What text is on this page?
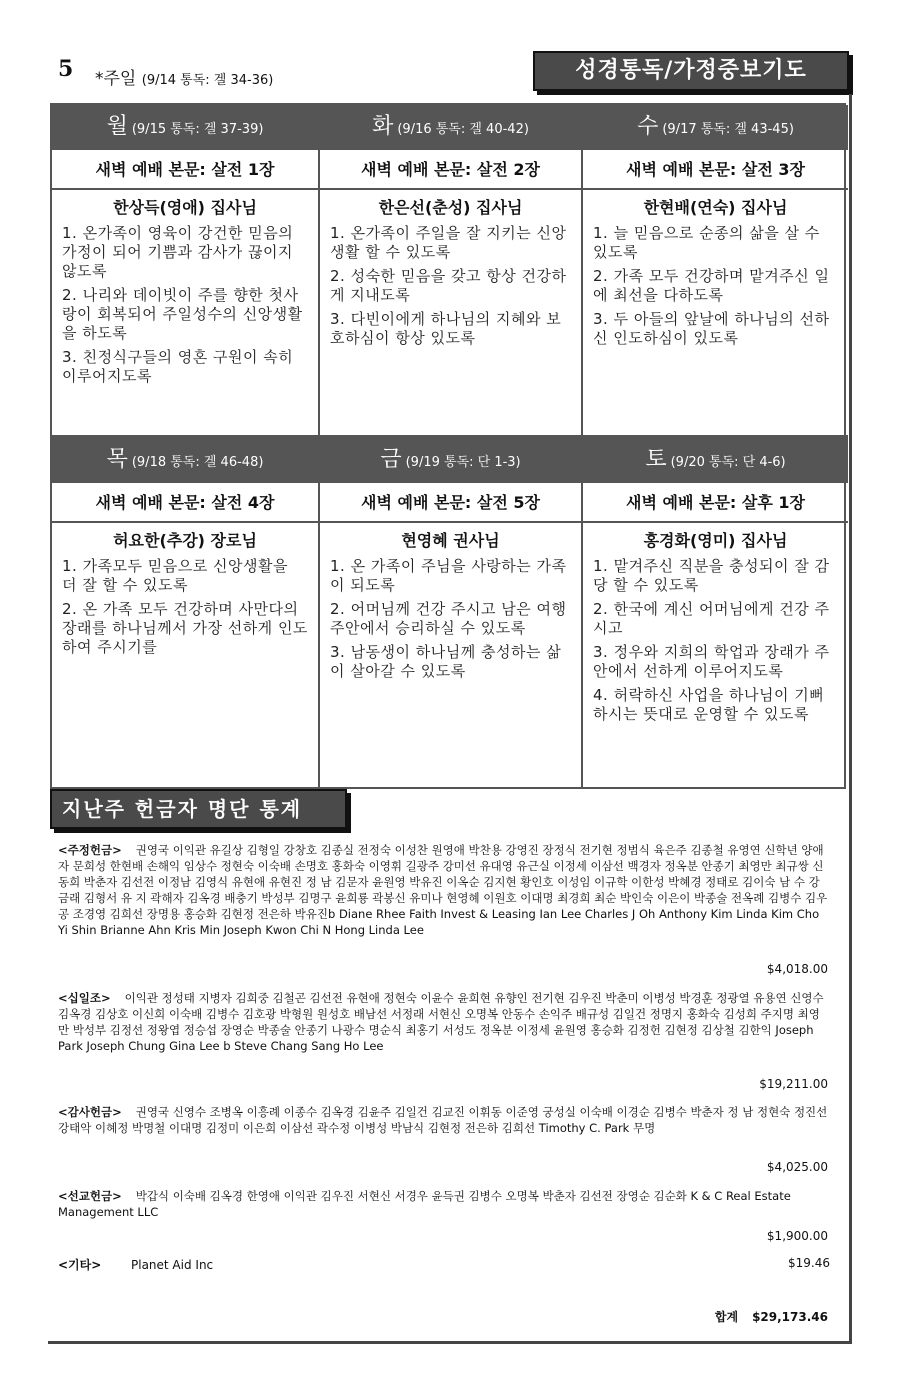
5 *주일 (9/14 통독: 겔 34-36)	성경통독/가정중보기도
월 (9/15 통독: 겔 37-39)
새벽 예배 본문: 살전 1장
한상득(영애) 집사님
1. 온가족이 영육이 강건한 믿음의 가정이 되어 기쁨과 감사가 끊이지 않도록
2. 나리와 데이빗이 주를 향한 첫사랑이 회복되어 주일성수의 신앙생활을 하도록
3. 친정식구들의 영혼 구원이 속히 이루어지도록
화 (9/16 통독: 겔 40-42)
새벽 예배 본문: 살전 2장
한은선(춘성) 집사님
1. 온가족이 주일을 잘 지키는 신앙생활 할 수 있도록
2. 성숙한 믿음을 갖고 항상 건강하게 지내도록
3. 다빈이에게 하나님의 지혜와 보호하심이 항상 있도록
수 (9/17 통독: 겔 43-45)
새벽 예배 본문: 살전 3장
한현배(연숙) 집사님
1. 늘 믿음으로 순종의 삶을 살 수 있도록
2. 가족 모두 건강하며 맡겨주신 일에 최선을 다하도록
3. 두 아들의 앞날에 하나님의 선하신 인도하심이 있도록
목 (9/18 통독: 겔 46-48)
새벽 예배 본문: 살전 4장
허요한(추강) 장로님
1. 가족모두 믿음으로 신앙생활을 더 잘 할 수 있도록
2. 온 가족 모두 건강하며 사만다의 장래를 하나님께서 가장 선하게 인도하여 주시기를
금 (9/19 통독: 단 1-3)
새벽 예배 본문: 살전 5장
현영혜 권사님
1. 온 가족이 주님을 사랑하는 가족이 되도록
2. 어머님께 건강 주시고 남은 여행 주안에서 승리하실 수 있도록
3. 남동생이 하나님께 충성하는 삶이 살아갈 수 있도록
토 (9/20 통독: 단 4-6)
새벽 예배 본문: 살후 1장
홍경화(영미) 집사님
1. 맡겨주신 직분을 충성되이 잘 감당 할 수 있도록
2. 한국에 계신 어머님에게 건강 주시고
3. 정우와 지희의 학업과 장래가 주안에서 선하게 이루어지도록
4. 허락하신 사업을 하나님이 기뻐하시는 뜻대로 운영할 수 있도록
지난주 헌금자 명단 통계
<주정헌금> 권영국 이익관 유길상 김형일 강창호 김종실 전정숙 이성찬 원영애 박찬용 강영진 장정식 전기현 정범식 육은주 김종철 유영연 신학년 양애자 문희성 한현배 손해익 임상수 정현숙 이숙배 손명호 홍화숙 이영휘 길광주 강미선 유대영 유근실 이정세 이삼선 백경자 정옥분 안종기 최영만 최규쌍 신동희 박춘자 김선전 이정남 김영식 유현애 유현진 정 남 김문자 윤원영 박유진 이옥순 김지현 황인호 이성임 이규학 이한성 박혜경 정태로 김이숙 남 수 강금래 김형서 유 지 곽해자 김옥경 배충기 박성부 김명구 윤희룡 곽봉신 유미나 현영혜 이원호 이대명 최경희 최순 박인숙 이은이 박종술 전옥례 김병수 김우공 조경영 김희선 장명용 홍승화 김현정 전은하 박유진b Diane Rhee Faith Invest & Leasing Ian Lee Charles J Oh Anthony Kim Linda Kim Cho Yi Shin Brianne Ahn Kris Min Joseph Kwon Chi N Hong Linda Lee
$4,018.00
<십일조> 이익관 정성태 지병자 김희중 김철곤 김선전 유현애 정현숙 이윤수 윤희현 유향인 전기현 김우진 박춘미 이병성 박경훈 정광열 유용연 신영수 김옥경 김상호 이신희 이숙배 김병수 김호광 박형원 원성호 배남선 서정래 서현신 오명복 안동수 손익주 배규성 김일건 정명지 홍화숙 김성희 주지명 최영만 박성부 김정선 정왕엽 정승섭 장영순 박종술 안종기 나광수 명순식 최홍기 서성도 정옥분 이정세 윤원영 홍승화 김정헌 김현정 김상철 김한익 Joseph Park Joseph Chung Gina Lee b Steve Chang Sang Ho Lee
$19,211.00
<감사헌금> 권영국 신영수 조병옥 이흥례 이종수 김옥경 김윤주 김일건 김교진 이휘동 이준영 궁성실 이숙배 이경순 김병수 박춘자 정 남 정현숙 정진선 강태악 이혜정 박명철 이대명 김정미 이은희 이삼선 곽수정 이병성 박남식 김현정 전은하 김희선 Timothy C. Park 무명
$4,025.00
<선교헌금> 박갑식 이숙배 김옥경 한영애 이익관 김우진 서현신 서경우 윤득권 김병수 오명복 박춘자 김선전 장영순 김순화 K & C Real Estate Management LLC
$1,900.00
<기타> Planet Aid Inc	$19.46
합계 $29,173.46
